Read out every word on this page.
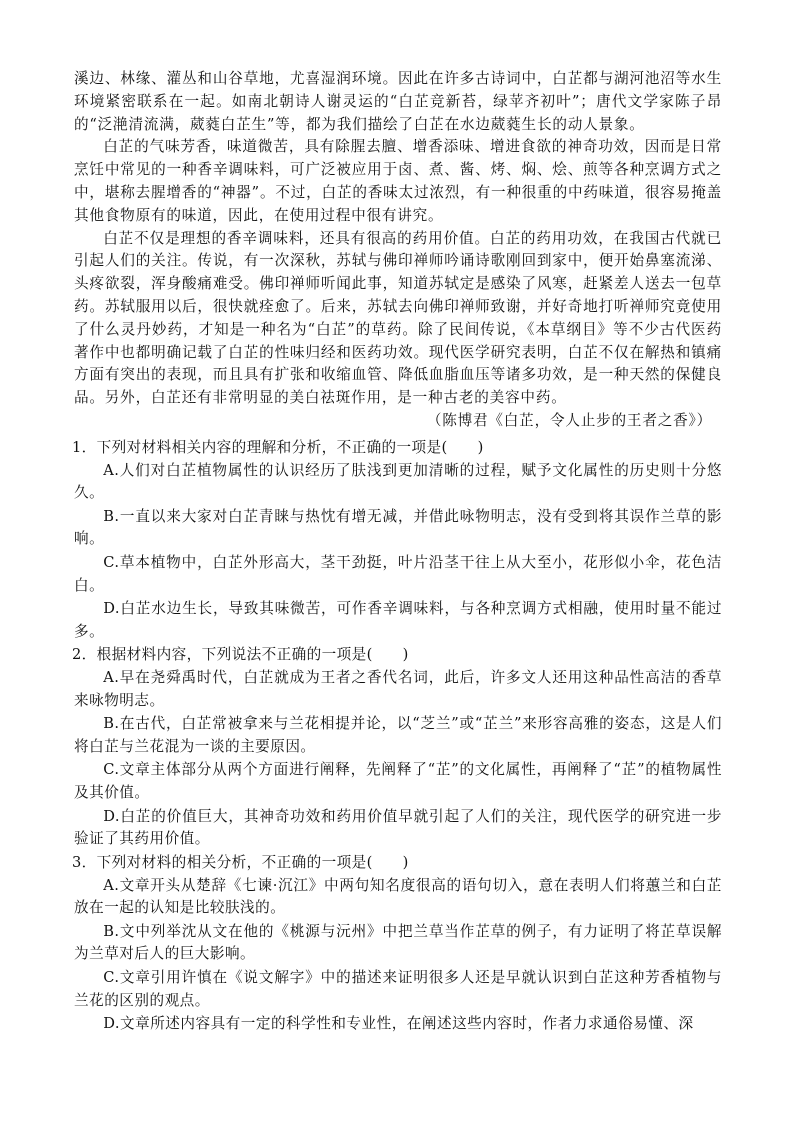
溪边、林缘、灌丛和山谷草地，尤喜湿润环境。因此在许多古诗词中，白芷都与湖河池沼等水生环境紧密联系在一起。如南北朝诗人谢灵运的“白芷竞新苔，绿苹齐初叶”；唐代文学家陈子昂的“泛滟清流满，葳蕤白芷生”等，都为我们描绘了白芷在水边葳蕤生长的动人景象。

白芷的气味芳香，味道微苦，具有除腥去膻、增香添味、增进食欲的神奇功效，因而是日常烹饪中常见的一种香辛调味料，可广泛被应用于卤、煮、酱、烤、焖、烩、煎等各种烹调方式之中，堪称去腥增香的“神器”。不过，白芷的香味太过浓烈，有一种很重的中药味道，很容易掩盖其他食物原有的味道，因此，在使用过程中很有讲究。

白芷不仅是理想的香辛调味料，还具有很高的药用价值。白芷的药用功效，在我国古代就已引起人们的关注。传说，有一次深秋，苏轼与佛印禅师吟诵诗歌刚回到家中，便开始鼻塞流涕、头疼欲裂，浑身酸痛难受。佛印禅师听闻此事，知道苏轼定是感染了风寒，赶紧差人送去一包草药。苏轼服用以后，很快就痊愈了。后来，苏轼去向佛印禅师致谢，并好奇地打听禅师究竟使用了什么灵丹妙药，才知是一种名为“白芷”的草药。除了民间传说，《本草纲目》等不少古代医药著作中也都明确记载了白芷的性味归经和医药功效。现代医学研究表明，白芷不仅在解热和镇痛方面有突出的表现，而且具有扩张和收缩血管、降低血脂血压等诸多功效，是一种天然的保健良品。另外，白芷还有非常明显的美白祛斑作用，是一种古老的美容中药。

（陈博君《白芷，令人止步的王者之香》）

1．下列对材料相关内容的理解和分析，不正确的一项是(　　)

A.人们对白芷植物属性的认识经历了肤浅到更加清晰的过程，赋予文化属性的历史则十分悠久。

B.一直以来大家对白芷青睐与热忱有增无减，并借此咏物明志，没有受到将其误作兰草的影响。

C.草本植物中，白芷外形高大，茎干劲挺，叶片沿茎干往上从大至小，花形似小伞，花色洁白。

D.白芷水边生长，导致其味微苦，可作香辛调味料，与各种烹调方式相融，使用时量不能过多。

2．根据材料内容，下列说法不正确的一项是(　　)

A.早在尧舜禹时代，白芷就成为王者之香代名词，此后，许多文人还用这种品性高洁的香草来咏物明志。

B.在古代，白芷常被拿来与兰花相提并论，以“芝兰”或“芷兰”来形容高雅的姿态，这是人们将白芷与兰花混为一谈的主要原因。

C.文章主体部分从两个方面进行阐释，先阐释了“芷”的文化属性，再阐释了“芷”的植物属性及其价值。

D.白芷的价值巨大，其神奇功效和药用价值早就引起了人们的关注，现代医学的研究进一步验证了其药用价值。

3．下列对材料的相关分析，不正确的一项是(　　)

A.文章开头从楚辞《七谏·沉江》中两句知名度很高的语句切入，意在表明人们将蕙兰和白芷放在一起的认知是比较肤浅的。

B.文中列举沈从文在他的《桃源与沅州》中把兰草当作芷草的例子，有力证明了将芷草误解为兰草对后人的巨大影响。

C.文章引用许慎在《说文解字》中的描述来证明很多人还是早就认识到白芷这种芳香植物与兰花的区别的观点。

D.文章所述内容具有一定的科学性和专业性，在阐述这些内容时，作者力求通俗易懂、深
